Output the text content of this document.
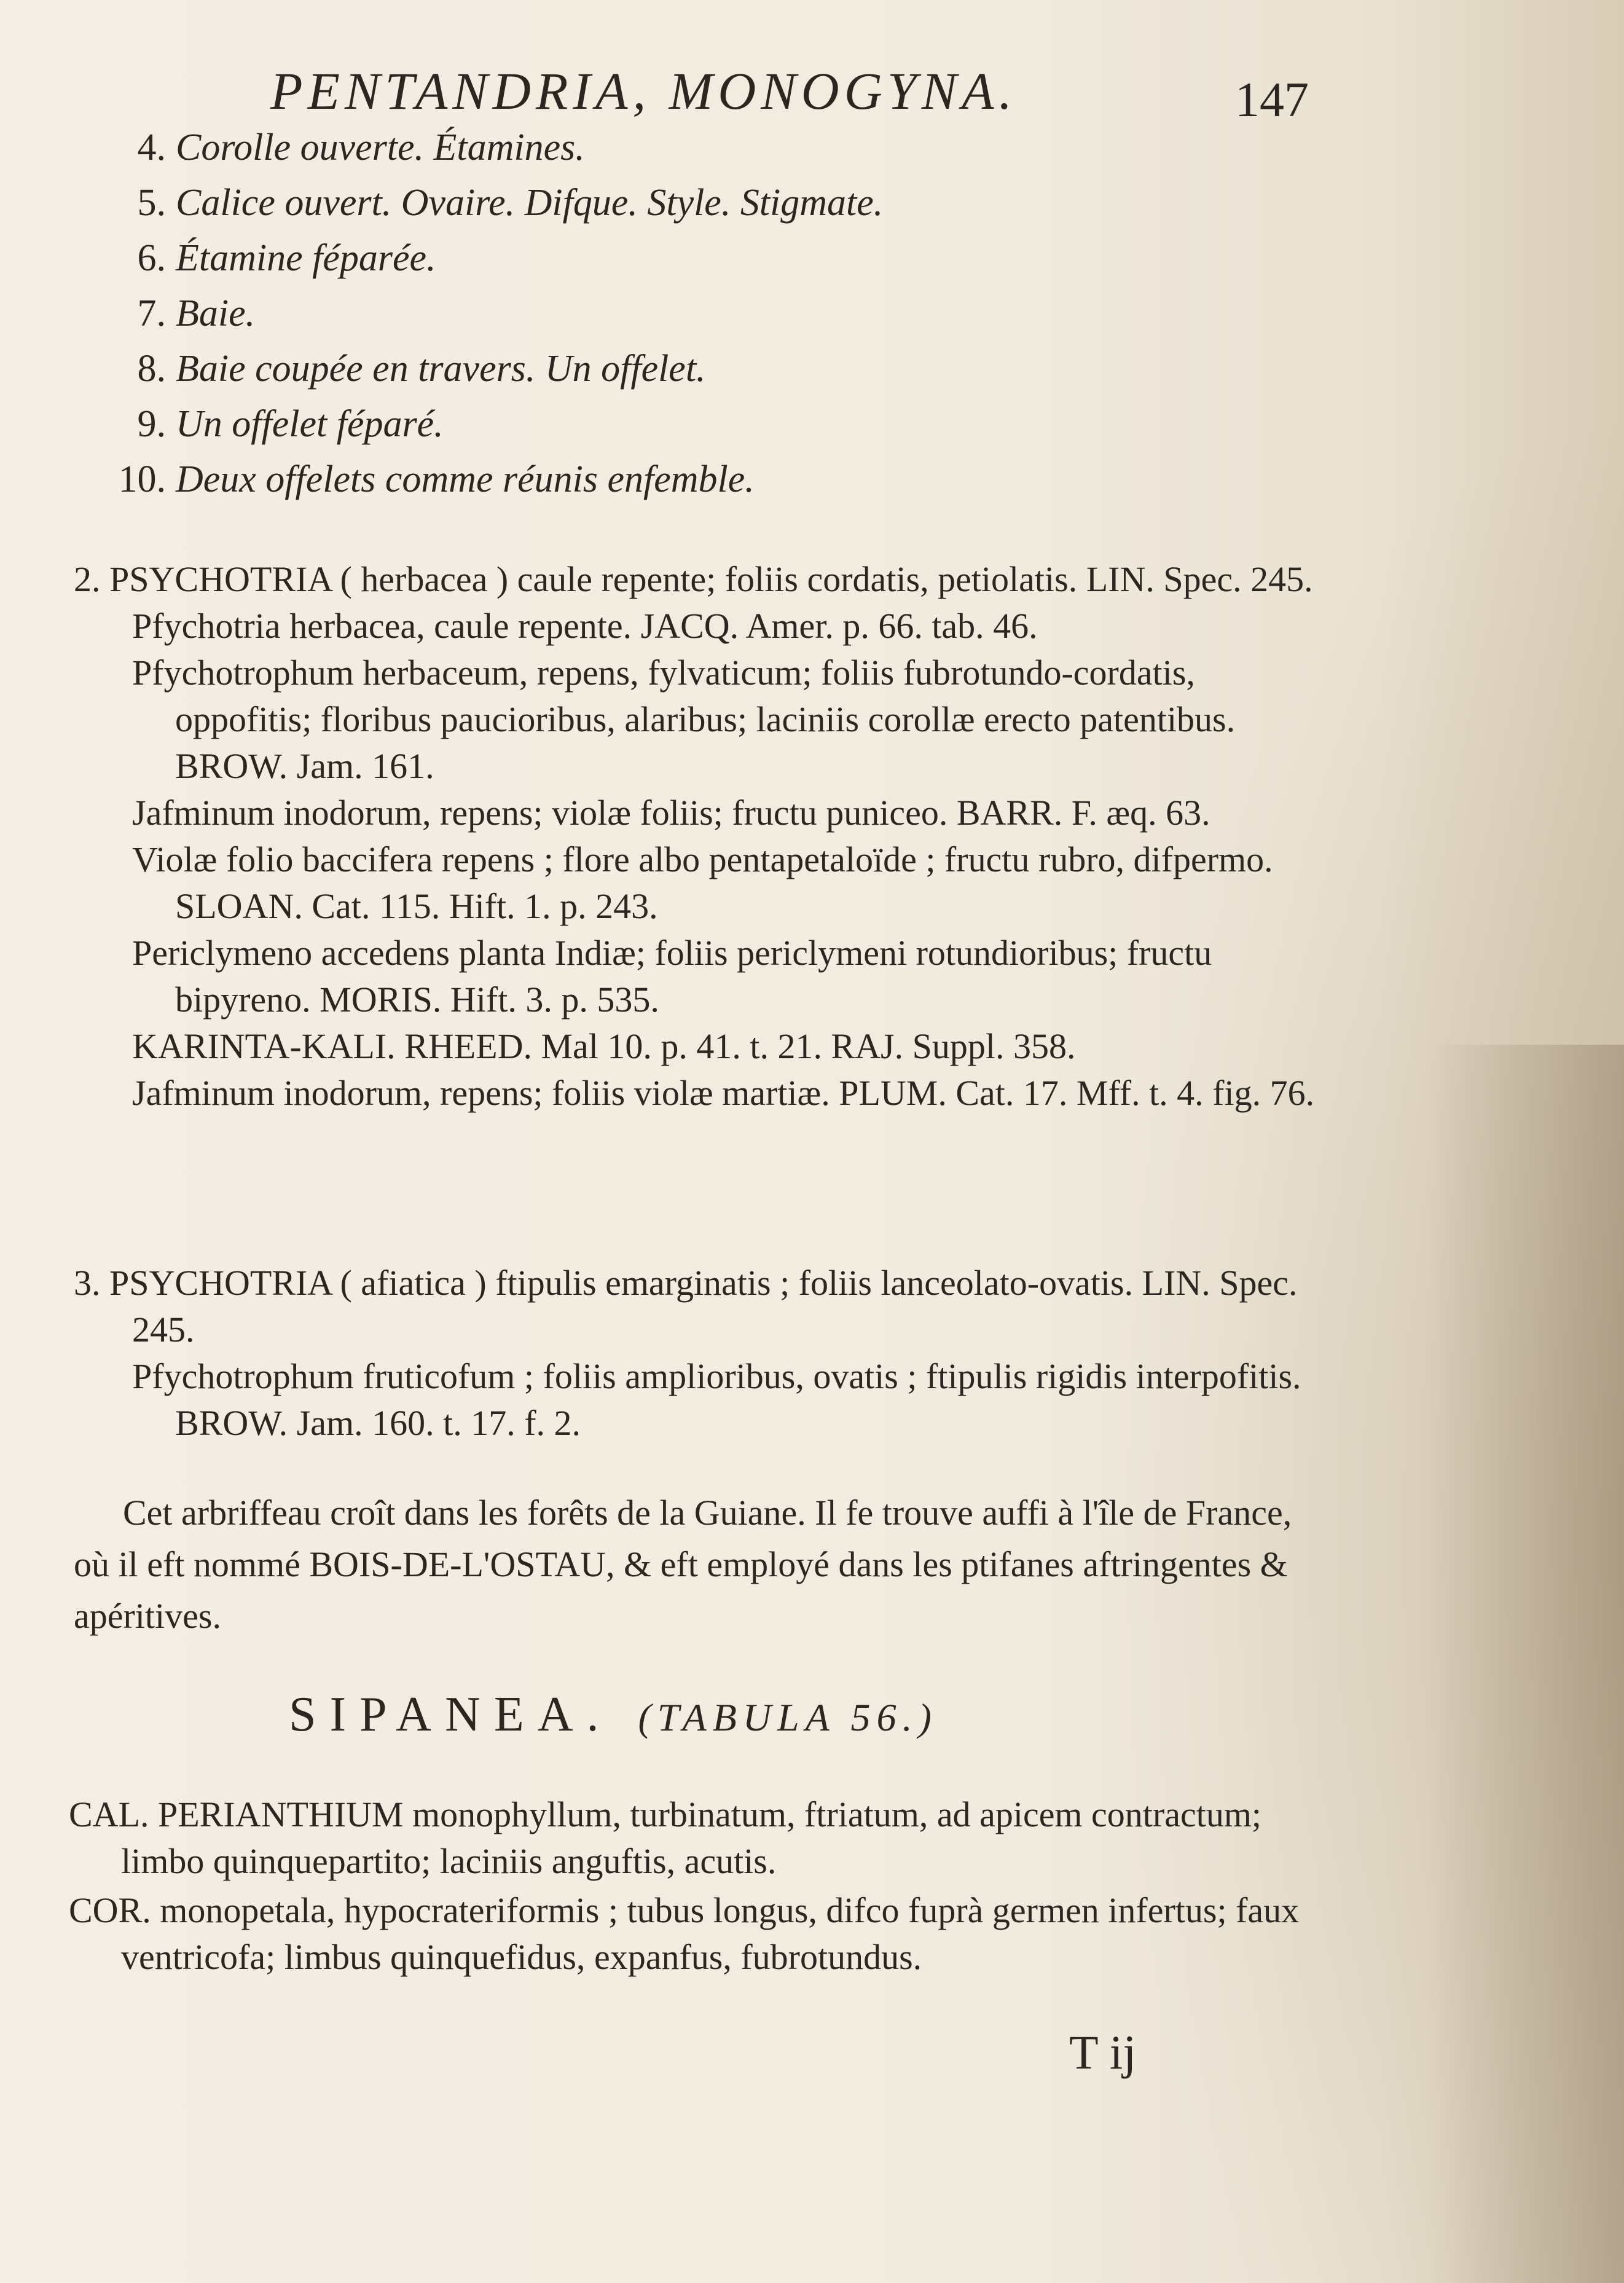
PENTANDRIA, MONOGYNA.	147
4. Corolle ouverte. Étamines.
5. Calice ouvert. Ovaire. Difque. Style. Stigmate.
6. Étamine féparée.
7. Baie.
8. Baie coupée en travers. Un offelet.
9. Un offelet féparé.
10. Deux offelets comme réunis enfemble.
2. PSYCHOTRIA ( herbacea ) caule repente; foliis cordatis, petiolatis. LIN. Spec. 245.
Pfychotria herbacea, caule repente. JACQ. Amer. p. 66. tab. 46.
Pfychotrophum herbaceum, repens, fylvaticum; foliis fubrotundo-cordatis, oppofitis; floribus paucioribus, alaribus; laciniis corollæ erecto patentibus. BROW. Jam. 161.
Jafminum inodorum, repens; violæ foliis; fructu puniceo. BARR. F. æq. 63.
Violæ folio baccifera repens ; flore albo pentapetaloïde ; fructu rubro, difpermo. SLOAN. Cat. 115. Hift. 1. p. 243.
Periclymeno accedens planta Indiæ; foliis periclymeni rotundioribus; fructu bipyreno. MORIS. Hift. 3. p. 535.
KARINTA-KALI. RHEED. Mal 10. p. 41. t. 21. RAJ. Suppl. 358.
Jafminum inodorum, repens; foliis violæ martiæ. PLUM. Cat. 17. Mff. t. 4. fig. 76.
3. PSYCHOTRIA ( afiatica ) ftipulis emarginatis ; foliis lanceolato-ovatis. LIN. Spec. 245.
Pfychotrophum fruticofum ; foliis amplioribus, ovatis ; ftipulis rigidis interpofitis. BROW. Jam. 160. t. 17. f. 2.
Cet arbriffeau croît dans les forêts de la Guiane. Il fe trouve auffi à l'île de France, où il eft nommé BOIS-DE-L'OSTAU, & eft employé dans les ptifanes aftringentes & apéritives.
SIPANEA. (TABULA 56.)
CAL. PERIANTHIUM monophyllum, turbinatum, ftriatum, ad apicem contractum; limbo quinquepartito; laciniis anguftis, acutis.
COR. monopetala, hypocrateriformis ; tubus longus, difco fuprà germen infertus; faux ventricofa; limbus quinquefidus, expanfus, fubrotundus.
T ij
